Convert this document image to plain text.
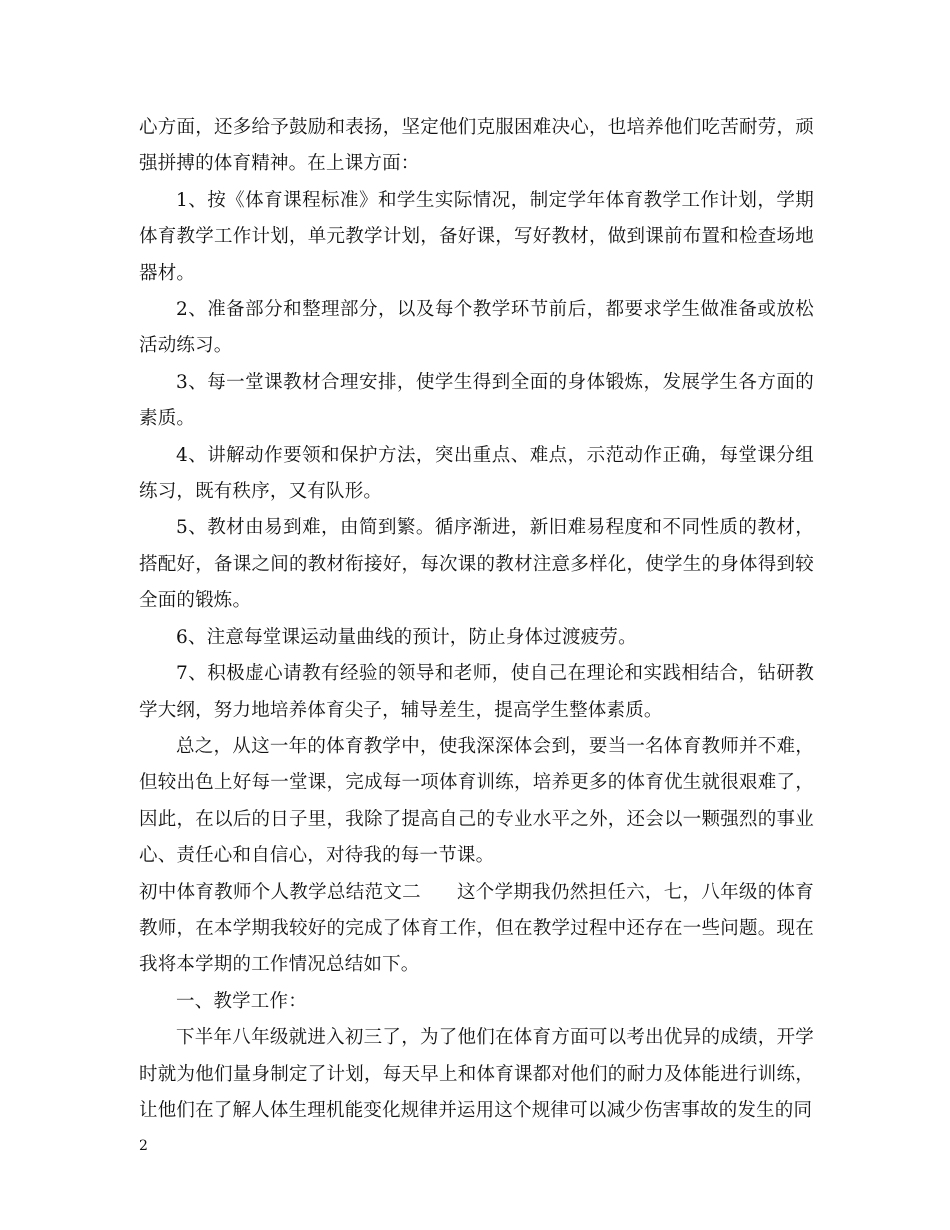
心方面，还多给予鼓励和表扬，坚定他们克服困难决心，也培养他们吃苦耐劳，顽强拼搏的体育精神。在上课方面：

1、按《体育课程标准》和学生实际情况，制定学年体育教学工作计划，学期体育教学工作计划，单元教学计划，备好课，写好教材，做到课前布置和检查场地器材。

2、准备部分和整理部分，以及每个教学环节前后，都要求学生做准备或放松活动练习。

3、每一堂课教材合理安排，使学生得到全面的身体锻炼，发展学生各方面的素质。

4、讲解动作要领和保护方法，突出重点、难点，示范动作正确，每堂课分组练习，既有秩序，又有队形。

5、教材由易到难，由简到繁。循序渐进，新旧难易程度和不同性质的教材，搭配好，备课之间的教材衔接好，每次课的教材注意多样化，使学生的身体得到较全面的锻炼。

6、注意每堂课运动量曲线的预计，防止身体过渡疲劳。

7、积极虚心请教有经验的领导和老师，使自己在理论和实践相结合，钻研教学大纲，努力地培养体育尖子，辅导差生，提高学生整体素质。

总之，从这一年的体育教学中，使我深深体会到，要当一名体育教师并不难，但较出色上好每一堂课，完成每一项体育训练，培养更多的体育优生就很艰难了，因此，在以后的日子里，我除了提高自己的专业水平之外，还会以一颗强烈的事业心、责任心和自信心，对待我的每一节课。

初中体育教师个人教学总结范文二 这个学期我仍然担任六，七，八年级的体育教师，在本学期我较好的完成了体育工作，但在教学过程中还存在一些问题。现在我将本学期的工作情况总结如下。

一、教学工作：

下半年八年级就进入初三了，为了他们在体育方面可以考出优异的成绩，开学时就为他们量身制定了计划，每天早上和体育课都对他们的耐力及体能进行训练，让他们在了解人体生理机能变化规律并运用这个规律可以减少伤害事故的发生的同

2
